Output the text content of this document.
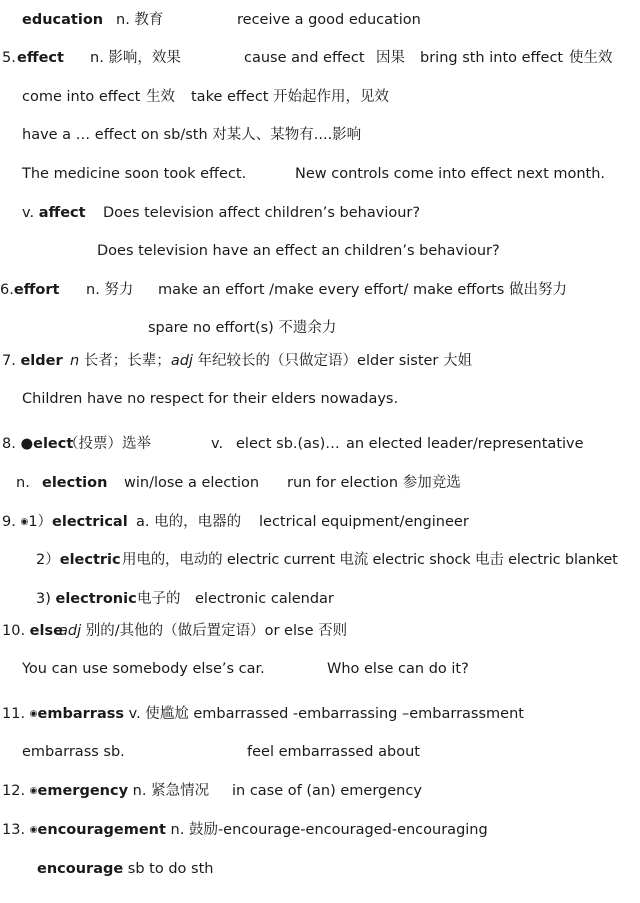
education n. 教育	receive a good education
5. effect n. 影响，效果	cause and effect 因果 bring sth into effect 使生效
come into effect 生效 take effect 开始起作用，见效
have a … effect on sb/sth 对某人、某物有....影响
The medicine soon took effect.	New controls come into effect next month.
v. affect Does television affect children’s behaviour?
Does television have an effect an children’s behaviour?
6.effort n. 努力 make an effort /make every effort/ make efforts 做出努力
spare no effort(s) 不遗余力
7. elder n 长者；长辈；adj 年纪较长的（只做定语）elder sister 大姐
Children have no respect for their elders nowadays.
8. ●elect
（投票）选举	v. elect sb.(as)… an elected leader/representative
n. election win/lose a election run for election 参加竞选
9. ◉1）electrical a. 电的，电器的 lectrical equipment/engineer
2）electric 用电的，电动的 electric current 电流 electric shock 电击 electric blanket
3) electronic 电子的 electronic calendar
10. else
adj 别的/其他的（做后置定语）or else 否则
You can use somebody else’s car.	Who else can do it?
11. ◉embarrass v. 使尴尬 embarrassed -embarrassing –embarrassment
embarrass sb.	feel embarrassed about
12. ◉emergency n. 紧急情况 in case of (an) emergency
13. ◉encouragement n. 鼓励-encourage-encouraged-encouraging
encourage sb to do sth
